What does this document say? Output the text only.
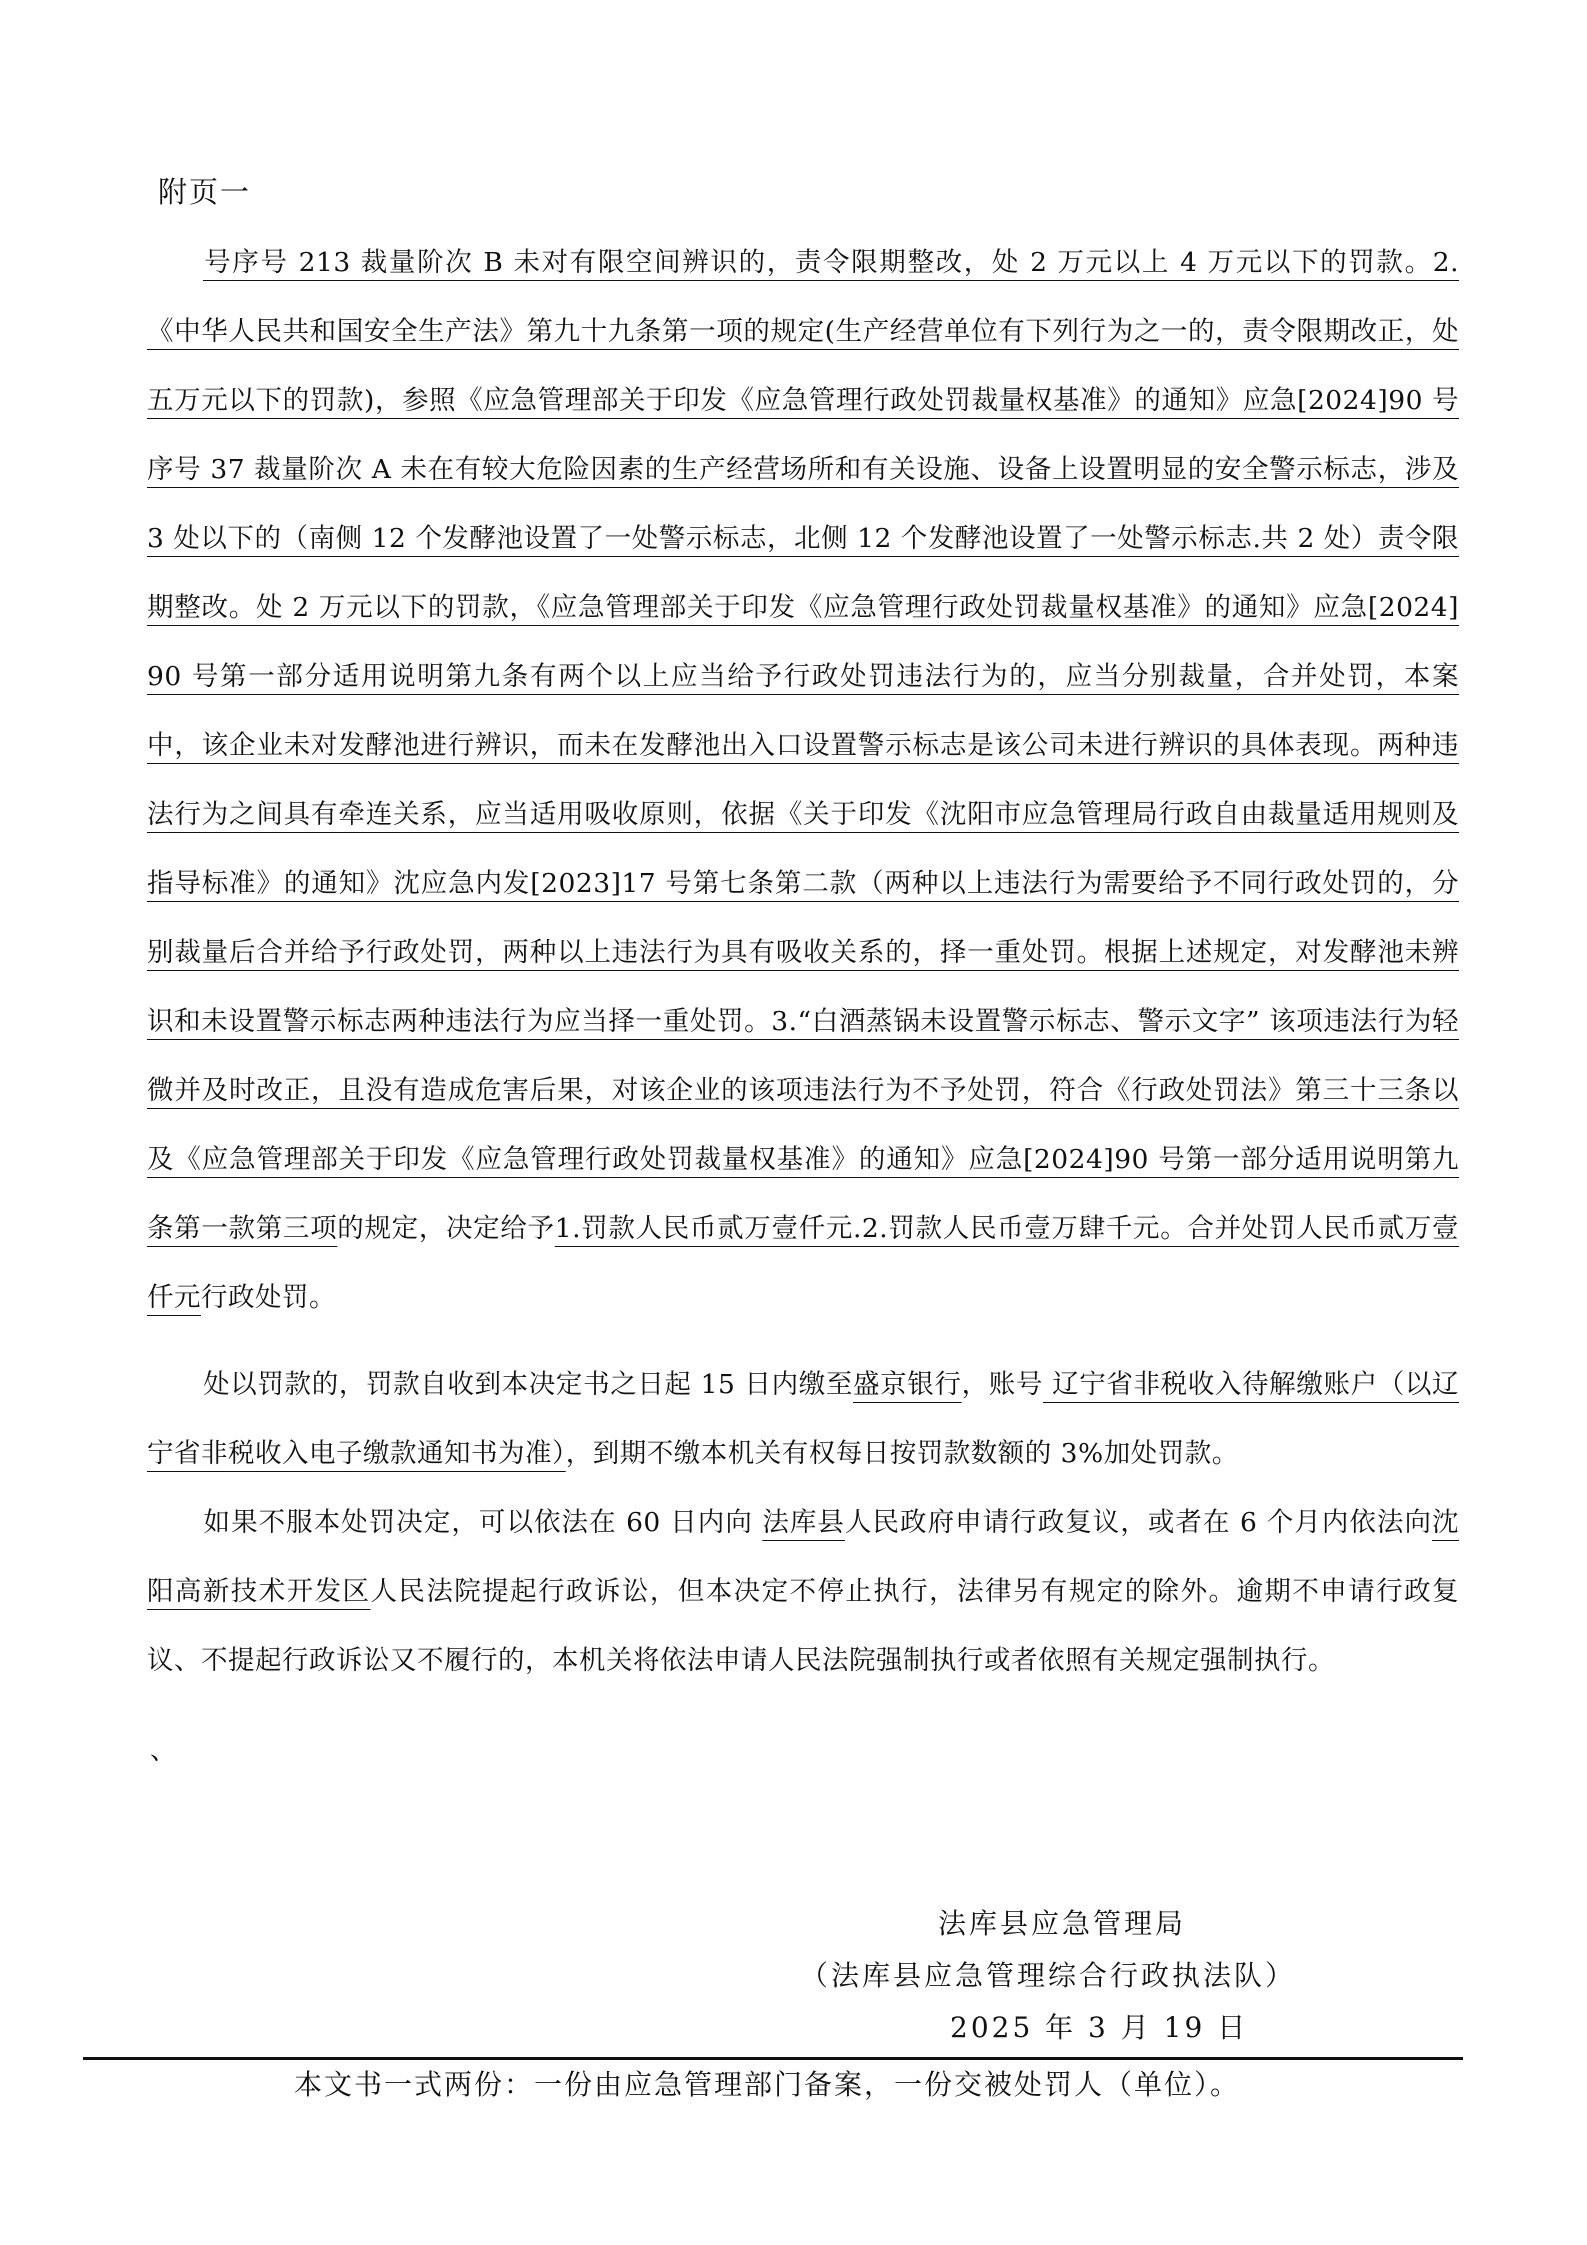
附页一
号序号 213 裁量阶次 B 未对有限空间辨识的，责令限期整改，处 2 万元以上 4 万元以下的罚款。2.《中华人民共和国安全生产法》第九十九条第一项的规定(生产经营单位有下列行为之一的，责令限期改正，处五万元以下的罚款)，参照《应急管理部关于印发《应急管理行政处罚裁量权基准》的通知》应急[2024]90 号序号 37 裁量阶次 A 未在有较大危险因素的生产经营场所和有关设施、设备上设置明显的安全警示标志，涉及 3 处以下的（南侧 12 个发酵池设置了一处警示标志，北侧 12 个发酵池设置了一处警示标志.共 2 处）责令限期整改。处 2 万元以下的罚款，《应急管理部关于印发《应急管理行政处罚裁量权基准》的通知》应急[2024] 90 号第一部分适用说明第九条有两个以上应当给予行政处罚违法行为的，应当分别裁量，合并处罚，本案中，该企业未对发酵池进行辨识，而未在发酵池出入口设置警示标志是该公司未进行辨识的具体表现。两种违法行为之间具有牵连关系，应当适用吸收原则，依据《关于印发《沈阳市应急管理局行政自由裁量适用规则及指导标准》的通知》沈应急内发[2023]17 号第七条第二款（两种以上违法行为需要给予不同行政处罚的，分别裁量后合并给予行政处罚，两种以上违法行为具有吸收关系的，择一重处罚。根据上述规定，对发酵池未辨识和未设置警示标志两种违法行为应当择一重处罚。3.“白酒蒸锅未设置警示标志、警示文字” 该项违法行为轻微并及时改正，且没有造成危害后果，对该企业的该项违法行为不予处罚，符合《行政处罚法》第三十三条以及《应急管理部关于印发《应急管理行政处罚裁量权基准》的通知》应急[2024]90 号第一部分适用说明第九条第一款第三项的规定，决定给予1.罚款人民币贰万壹仟元.2.罚款人民币壹万肆千元。合并处罚人民币贰万壹仟元行政处罚。
处以罚款的，罚款自收到本决定书之日起 15 日内缴至盛京银行，账号 辽宁省非税收入待解缴账户（以辽宁省非税收入电子缴款通知书为准），到期不缴本机关有权每日按罚款数额的 3%加处罚款。
如果不服本处罚决定，可以依法在 60 日内向 法库县人民政府申请行政复议，或者在 6 个月内依法向沈阳高新技术开发区人民法院提起行政诉讼，但本决定不停止执行，法律另有规定的除外。逾期不申请行政复议、不提起行政诉讼又不履行的，本机关将依法申请人民法院强制执行或者依照有关规定强制执行。
、
法库县应急管理局
（法库县应急管理综合行政执法队）
2025 年 3 月 19 日
本文书一式两份：一份由应急管理部门备案，一份交被处罚人（单位）。
